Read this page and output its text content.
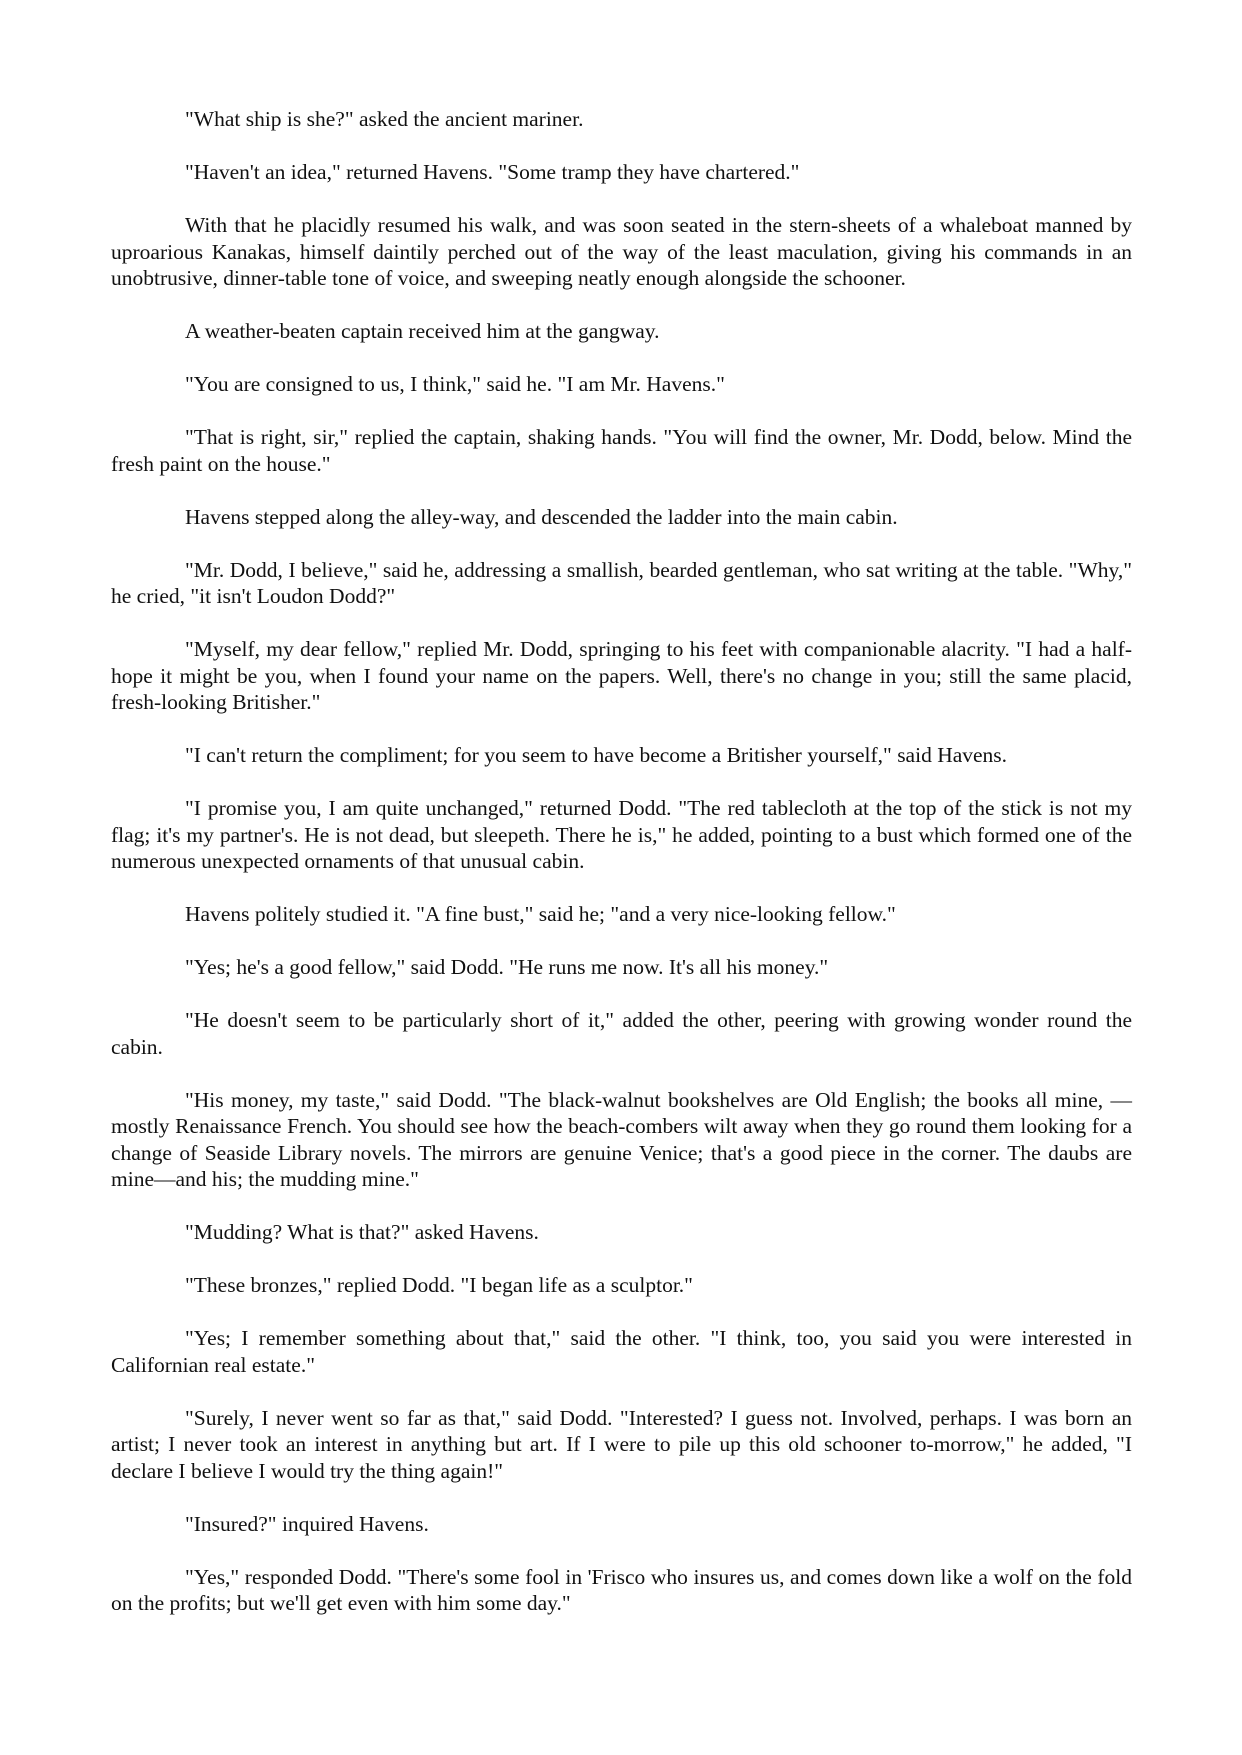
"What ship is she?" asked the ancient mariner.

"Haven't an idea," returned Havens. "Some tramp they have chartered."

With that he placidly resumed his walk, and was soon seated in the stern-sheets of a whaleboat manned by uproarious Kanakas, himself daintily perched out of the way of the least maculation, giving his commands in an unobtrusive, dinner-table tone of voice, and sweeping neatly enough alongside the schooner.

A weather-beaten captain received him at the gangway.

"You are consigned to us, I think," said he. "I am Mr. Havens."

"That is right, sir," replied the captain, shaking hands. "You will find the owner, Mr. Dodd, below. Mind the fresh paint on the house."

Havens stepped along the alley-way, and descended the ladder into the main cabin.

"Mr. Dodd, I believe," said he, addressing a smallish, bearded gentleman, who sat writing at the table. "Why," he cried, "it isn't Loudon Dodd?"

"Myself, my dear fellow," replied Mr. Dodd, springing to his feet with companionable alacrity. "I had a half-hope it might be you, when I found your name on the papers. Well, there's no change in you; still the same placid, fresh-looking Britisher."

"I can't return the compliment; for you seem to have become a Britisher yourself," said Havens.

"I promise you, I am quite unchanged," returned Dodd. "The red tablecloth at the top of the stick is not my flag; it's my partner's. He is not dead, but sleepeth. There he is," he added, pointing to a bust which formed one of the numerous unexpected ornaments of that unusual cabin.

Havens politely studied it. "A fine bust," said he; "and a very nice-looking fellow."

"Yes; he's a good fellow," said Dodd. "He runs me now. It's all his money."

"He doesn't seem to be particularly short of it," added the other, peering with growing wonder round the cabin.

"His money, my taste," said Dodd. "The black-walnut bookshelves are Old English; the books all mine, —mostly Renaissance French. You should see how the beach-combers wilt away when they go round them looking for a change of Seaside Library novels. The mirrors are genuine Venice; that's a good piece in the corner. The daubs are mine—and his; the mudding mine."

"Mudding? What is that?" asked Havens.

"These bronzes," replied Dodd. "I began life as a sculptor."

"Yes; I remember something about that," said the other. "I think, too, you said you were interested in Californian real estate."

"Surely, I never went so far as that," said Dodd. "Interested? I guess not. Involved, perhaps. I was born an artist; I never took an interest in anything but art. If I were to pile up this old schooner to-morrow," he added, "I declare I believe I would try the thing again!"

"Insured?" inquired Havens.

"Yes," responded Dodd. "There's some fool in 'Frisco who insures us, and comes down like a wolf on the fold on the profits; but we'll get even with him some day."
